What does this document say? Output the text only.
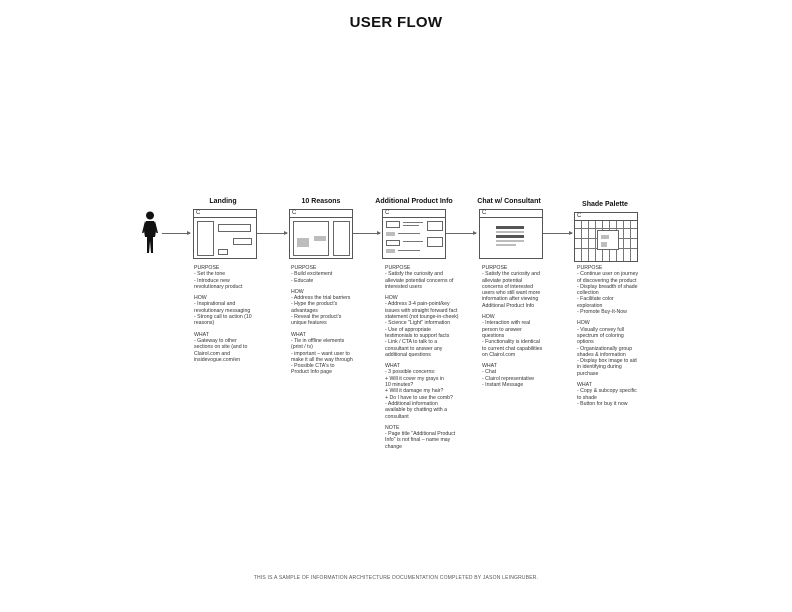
USER FLOW
Landing
C
PURPOSE
- Set the tone
- Introduce new
revolutionary product
HOW
- Inspirational and
revolutionary messaging
- Strong call to action (10
reasons)
WHAT
- Gateway to other
sections on site (and to
Clairol.com and
insidevogue.com/en
10 Reasons
C
PURPOSE
- Build excitement
- Educate
HOW
- Address the trial barriers
- Hype the product's
advantages
- Reveal the product's
unique features
WHAT
- Tie in offline elements
(print / tv)
- important – want user to
make it all the way through
- Possible CTA's to
Product Info page
Additional Product Info
C
PURPOSE
- Satisfy the curiosity and
alleviate potential concerns of
interested users
HOW
- Address 3-4 pain-point/key
issues with straight forward fact
statement (not tounge-in-cheek)
- Science "Light" information
- Use of appropriate
testimonials to support facts
- Link / CTA to talk to a
consultant to answer any
additional questions
WHAT
- 3 possible concerns:
+ Will it cover my grays in
10 minutes?
+ Will it damage my hair?
+ Do I have to use the comb?
- Additional information
available by chatting with a
consultant
NOTE
- Page title "Additional Product
Info" is not final – name may
change
Chat w/ Consultant
C
PURPOSE
- Satisfy the curiosity and
alleviate potential
concerns of interested
users who still want more
information after viewing
Additional Product Info
HOW
- Interaction with real
person to answer
questions
- Functionality is identical
to current chat capabilities
on Clairol.com
WHAT
- Chat
- Clairol representative
- Instant Message
Shade Palette
C
PURPOSE
- Continue user on journey
of discovering the product
- Display breadth of shade
collection
- Facilitate color
exploration
- Promote Buy-It-Now
HOW
- Visually convey full
spectrum of coloring
options
- Organizationally group
shades & information
- Display box image to aid
in identifying during
purchase
WHAT
- Copy & subcopy specific
to shade
- Button for buy it now
THIS IS A SAMPLE OF INFORMATION ARCHITECTURE DOCUMENTATION COMPLETED BY JASON LEINGRUBER.
